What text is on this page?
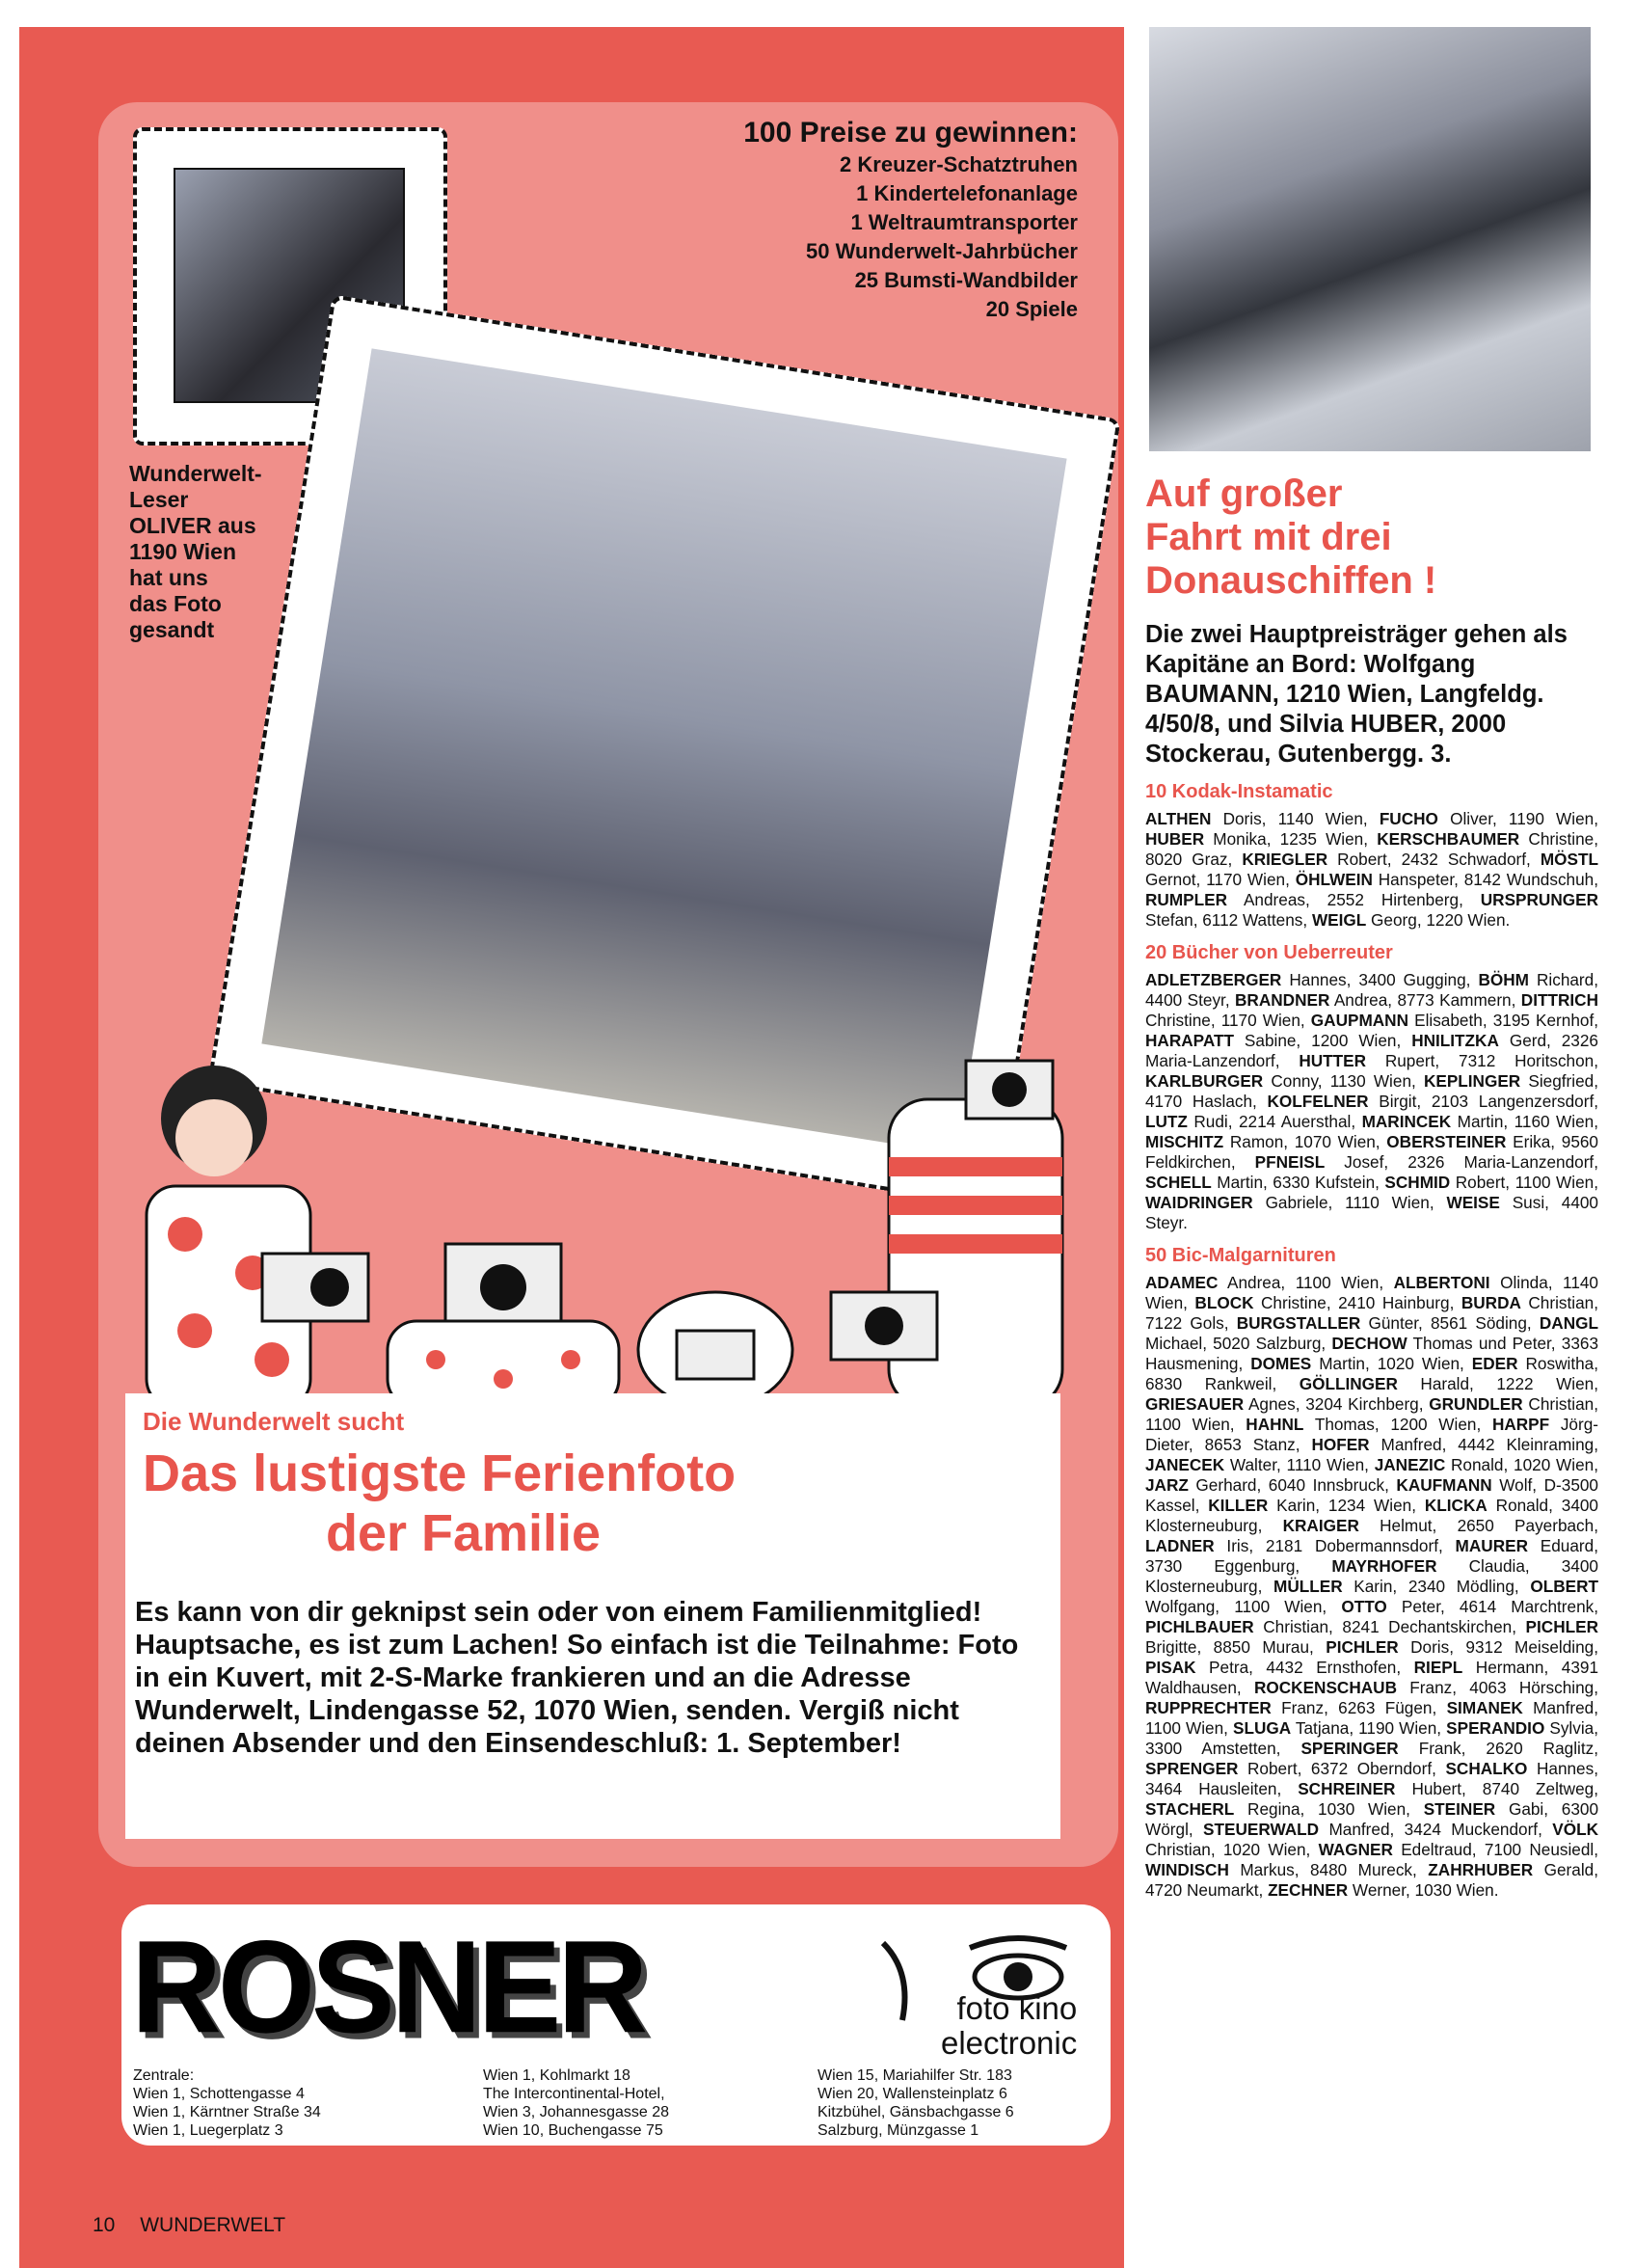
100 Preise zu gewinnen:
2 Kreuzer-Schatztruhen
1 Kindertelefonanlage
1 Weltraumtransporter
50 Wunderwelt-Jahrbücher
25 Bumsti-Wandbilder
20 Spiele
Wunderwelt-
Leser
OLIVER aus
1190 Wien
hat uns
das Foto
gesandt
Die Wunderwelt sucht
Das lustigste Ferienfoto
der Familie
Es kann von dir geknipst sein oder von einem Familienmitglied! Hauptsache, es ist zum Lachen! So einfach ist die Teilnahme: Foto in ein Kuvert, mit 2-S-Marke frankieren und an die Adresse Wunderwelt, Lindengasse 52, 1070 Wien, senden. Vergiß nicht deinen Absender und den Einsendeschluß: 1. September!
ROSNER	foto kino
electronic
Zentrale:
Wien 1, Schottengasse 4
Wien 1, Kärntner Straße 34
Wien 1, Luegerplatz 3
Wien 1, Kohlmarkt 18
The Intercontinental-Hotel,
Wien 3, Johannesgasse 28
Wien 10, Buchengasse 75
Wien 15, Mariahilfer Str. 183
Wien 20, Wallensteinplatz 6
Kitzbühel, Gänsbachgasse 6
Salzburg, Münzgasse 1
10 WUNDERWELT
Auf großer
Fahrt mit drei
Donauschiffen !
Die zwei Hauptpreisträger gehen als Kapitäne an Bord: Wolfgang BAUMANN, 1210 Wien, Langfeldg. 4/50/8, und Silvia HUBER, 2000 Stockerau, Gutenbergg. 3.
10 Kodak-Instamatic
ALTHEN Doris, 1140 Wien, FUCHO Oliver, 1190 Wien, HUBER Monika, 1235 Wien, KERSCHBAUMER Christine, 8020 Graz, KRIEGLER Robert, 2432 Schwadorf, MÖSTL Gernot, 1170 Wien, ÖHLWEIN Hanspeter, 8142 Wundschuh, RUMPLER Andreas, 2552 Hirtenberg, URSPRUNGER Stefan, 6112 Wattens, WEIGL Georg, 1220 Wien.
20 Bücher von Ueberreuter
ADLETZBERGER Hannes, 3400 Gugging, BÖHM Richard, 4400 Steyr, BRANDNER Andrea, 8773 Kammern, DITTRICH Christine, 1170 Wien, GAUPMANN Elisabeth, 3195 Kernhof, HARAPATT Sabine, 1200 Wien, HNILITZKA Gerd, 2326 Maria-Lanzendorf, HUTTER Rupert, 7312 Horitschon, KARLBURGER Conny, 1130 Wien, KEPLINGER Siegfried, 4170 Haslach, KOLFELNER Birgit, 2103 Langenzersdorf, LUTZ Rudi, 2214 Auersthal, MARINCEK Martin, 1160 Wien, MISCHITZ Ramon, 1070 Wien, OBERSTEINER Erika, 9560 Feldkirchen, PFNEISL Josef, 2326 Maria-Lanzendorf, SCHELL Martin, 6330 Kufstein, SCHMID Robert, 1100 Wien, WAIDRINGER Gabriele, 1110 Wien, WEISE Susi, 4400 Steyr.
50 Bic-Malgarnituren
ADAMEC Andrea, 1100 Wien, ALBERTONI Olinda, 1140 Wien, BLOCK Christine, 2410 Hainburg, BURDA Christian, 7122 Gols, BURGSTALLER Günter, 8561 Söding, DANGL Michael, 5020 Salzburg, DECHOW Thomas und Peter, 3363 Hausmening, DOMES Martin, 1020 Wien, EDER Roswitha, 6830 Rankweil, GÖLLINGER Harald, 1222 Wien, GRIESAUER Agnes, 3204 Kirchberg, GRUNDLER Christian, 1100 Wien, HAHNL Thomas, 1200 Wien, HARPF Jörg-Dieter, 8653 Stanz, HOFER Manfred, 4442 Kleinraming, JANECEK Walter, 1110 Wien, JANEZIC Ronald, 1020 Wien, JARZ Gerhard, 6040 Innsbruck, KAUFMANN Wolf, D-3500 Kassel, KILLER Karin, 1234 Wien, KLICKA Ronald, 3400 Klosterneuburg, KRAIGER Helmut, 2650 Payerbach, LADNER Iris, 2181 Dobermannsdorf, MAURER Eduard, 3730 Eggenburg, MAYRHOFER Claudia, 3400 Klosterneuburg, MÜLLER Karin, 2340 Mödling, OLBERT Wolfgang, 1100 Wien, OTTO Peter, 4614 Marchtrenk, PICHLBAUER Christian, 8241 Dechantskirchen, PICHLER Brigitte, 8850 Murau, PICHLER Doris, 9312 Meiselding, PISAK Petra, 4432 Ernsthofen, RIEPL Hermann, 4391 Waldhausen, ROCKENSCHAUB Franz, 4063 Hörsching, RUPPRECHTER Franz, 6263 Fügen, SIMANEK Manfred, 1100 Wien, SLUGA Tatjana, 1190 Wien, SPERANDIO Sylvia, 3300 Amstetten, SPERINGER Frank, 2620 Raglitz, SPRENGER Robert, 6372 Oberndorf, SCHALKO Hannes, 3464 Hausleiten, SCHREINER Hubert, 8740 Zeltweg, STACHERL Regina, 1030 Wien, STEINER Gabi, 6300 Wörgl, STEUERWALD Manfred, 3424 Muckendorf, VÖLK Christian, 1020 Wien, WAGNER Edeltraud, 7100 Neusiedl, WINDISCH Markus, 8480 Mureck, ZAHRHUBER Gerald, 4720 Neumarkt, ZECHNER Werner, 1030 Wien.
